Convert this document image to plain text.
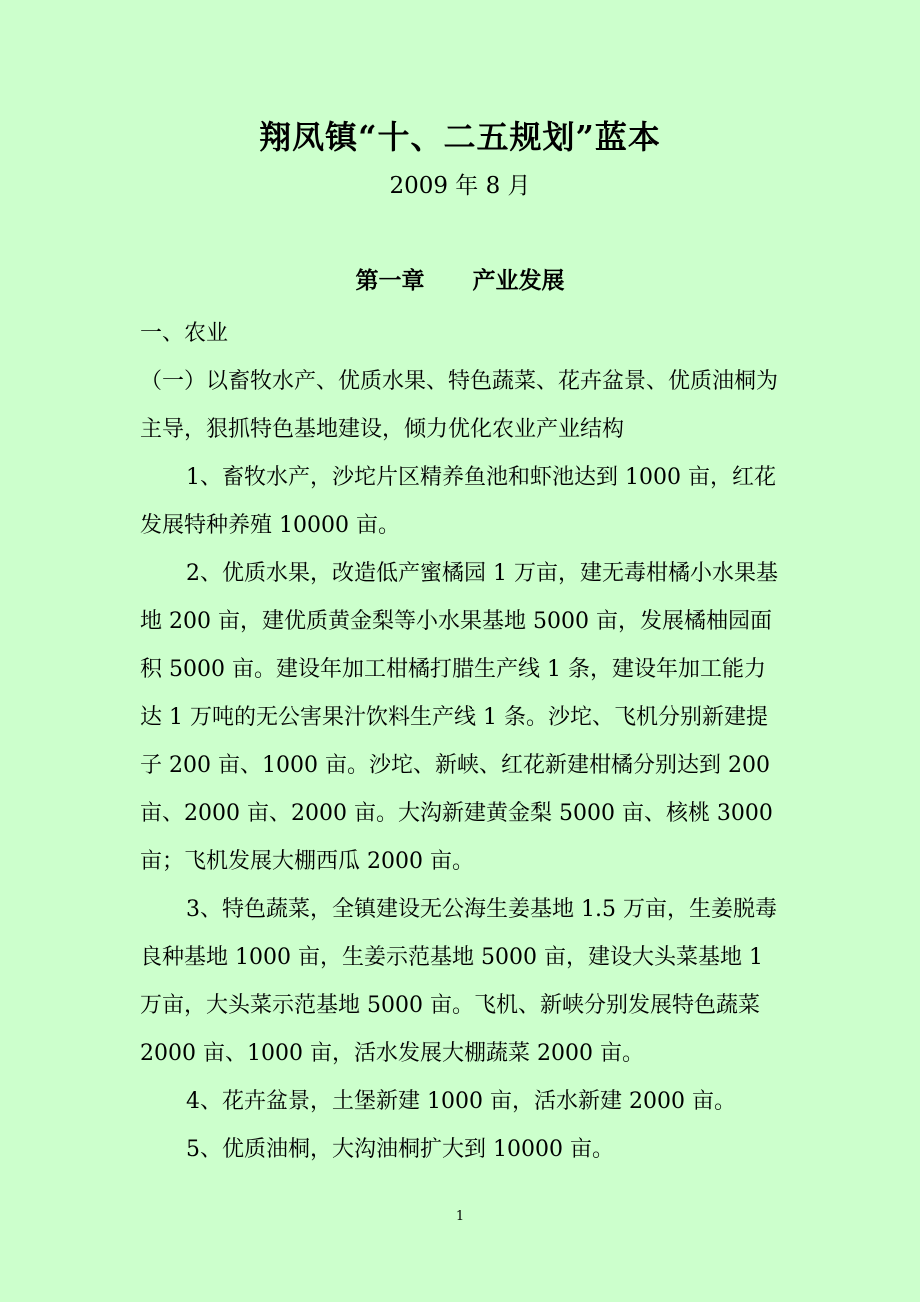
翔凤镇“十、二五规划”蓝本
2009 年 8 月
第一章 产业发展

一、农业

（一）以畜牧水产、优质水果、特色蔬菜、花卉盆景、优质油桐为主导，狠抓特色基地建设，倾力优化农业产业结构

1、畜牧水产，沙坨片区精养鱼池和虾池达到 1000 亩，红花发展特种养殖 10000 亩。

2、优质水果，改造低产蜜橘园 1 万亩，建无毒柑橘小水果基地 200 亩，建优质黄金梨等小水果基地 5000 亩，发展橘柚园面积 5000 亩。建设年加工柑橘打腊生产线 1 条，建设年加工能力达 1 万吨的无公害果汁饮料生产线 1 条。沙坨、飞机分别新建提子 200 亩、1000 亩。沙坨、新峡、红花新建柑橘分别达到 200 亩、2000 亩、2000 亩。大沟新建黄金梨 5000 亩、核桃 3000 亩；飞机发展大棚西瓜 2000 亩。

3、特色蔬菜，全镇建设无公海生姜基地 1.5 万亩，生姜脱毒良种基地 1000 亩，生姜示范基地 5000 亩，建设大头菜基地 1 万亩，大头菜示范基地 5000 亩。飞机、新峡分别发展特色蔬菜 2000 亩、1000 亩，活水发展大棚蔬菜 2000 亩。

4、花卉盆景，土堡新建 1000 亩，活水新建 2000 亩。

5、优质油桐，大沟油桐扩大到 10000 亩。

1
